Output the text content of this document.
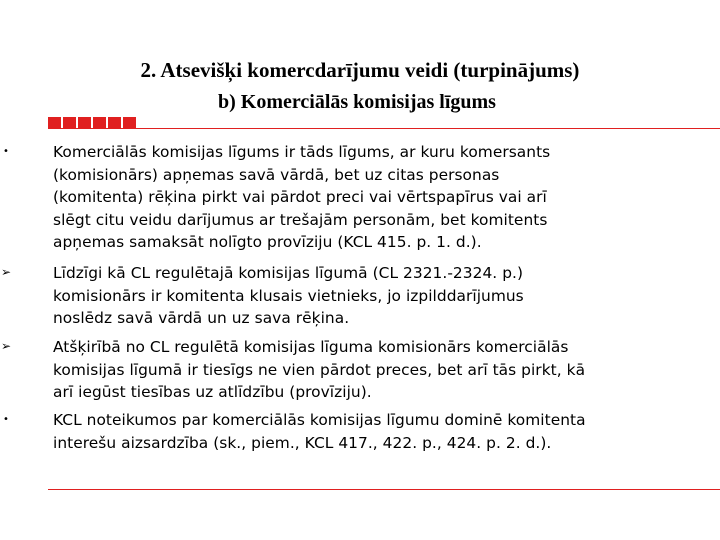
2. Atsevišķi komercdarījumu veidi (turpinājums)
b) Komerciālās komisijas līgums
•	Komerciālās komisijas līgums ir tāds līgums, ar kuru komersants
(komisionārs) apņemas savā vārdā, bet uz citas personas
(komitenta) rēķina pirkt vai pārdot preci vai vērtspapīrus vai arī
slēgt citu veidu darījumus ar trešajām personām, bet komitents
apņemas samaksāt nolīgto provīziju (KCL 415. p. 1. d.).

➢	Līdzīgi kā CL regulētajā komisijas līgumā (CL 2321.-2324. p.)
komisionārs ir komitenta klusais vietnieks, jo izpilddarījumus
noslēdz savā vārdā un uz sava rēķina.

➢	Atšķirībā no CL regulētā komisijas līguma komisionārs komerciālās
komisijas līgumā ir tiesīgs ne vien pārdot preces, bet arī tās pirkt, kā
arī iegūst tiesības uz atlīdzību (provīziju).

•	KCL noteikumos par komerciālās komisijas līgumu dominē komitenta
interešu aizsardzība (sk., piem., KCL 417., 422. p., 424. p. 2. d.).
